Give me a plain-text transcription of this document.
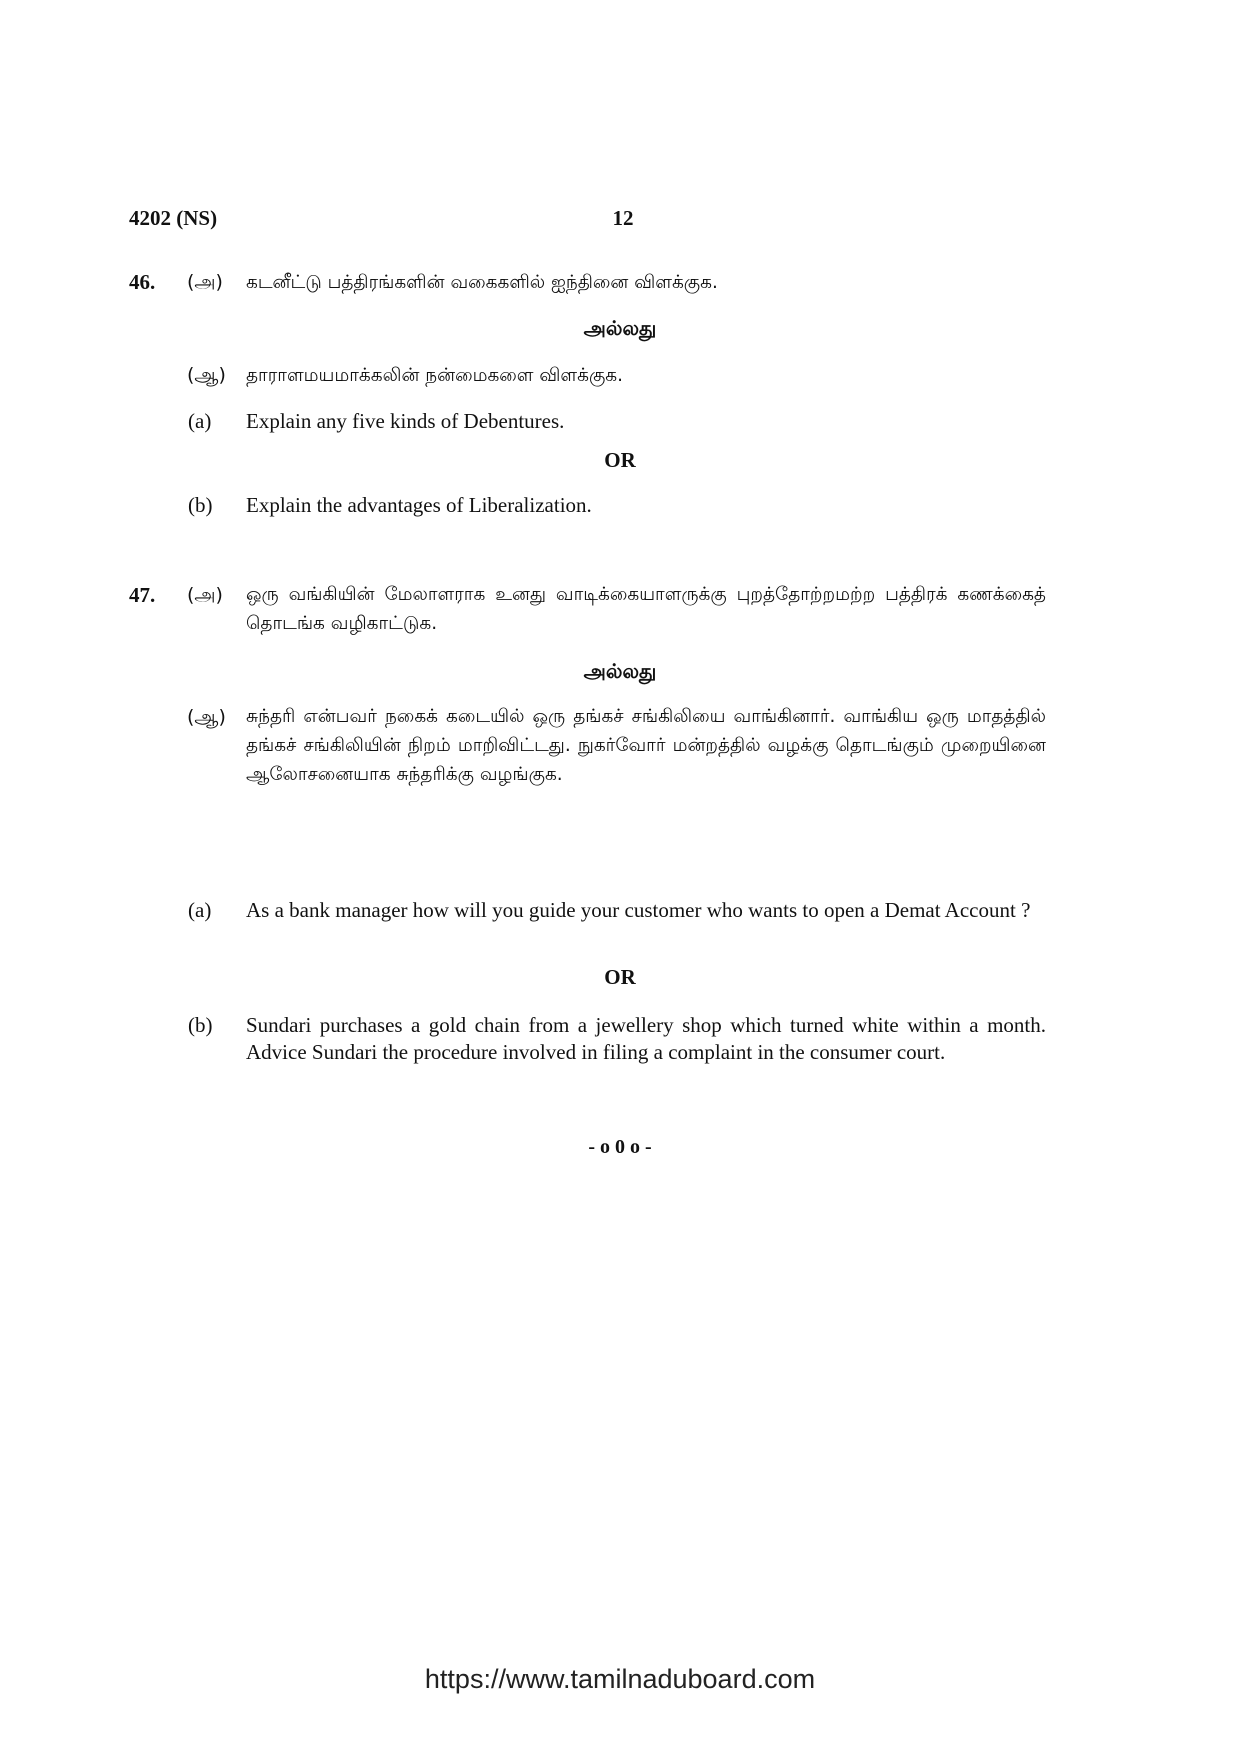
4202 (NS)	12
46. (அ) கடனீட்டு பத்திரங்களின் வகைகளில் ஐந்தினை விளக்குக.
அல்லது
(ஆ) தாராளமயமாக்கலின் நன்மைகளை விளக்குக.
(a) Explain any five kinds of Debentures.
OR
(b) Explain the advantages of Liberalization.
47. (அ) ஒரு வங்கியின் மேலாளராக உனது வாடிக்கையாளருக்கு புறத்தோற்றமற்ற பத்திரக் கணக்கைத் தொடங்க வழிகாட்டுக.
அல்லது
(ஆ) சுந்தரி என்பவர் நகைக் கடையில் ஒரு தங்கச் சங்கிலியை வாங்கினார். வாங்கிய ஒரு மாதத்தில் தங்கச் சங்கிலியின் நிறம் மாறிவிட்டது. நுகர்வோர் மன்றத்தில் வழக்கு தொடங்கும் முறையினை ஆலோசனையாக சுந்தரிக்கு வழங்குக.
(a) As a bank manager how will you guide your customer who wants to open a Demat Account ?
OR
(b) Sundari purchases a gold chain from a jewellery shop which turned white within a month. Advice Sundari the procedure involved in filing a complaint in the consumer court.
- o 0 o -
https://www.tamilnaduboard.com
